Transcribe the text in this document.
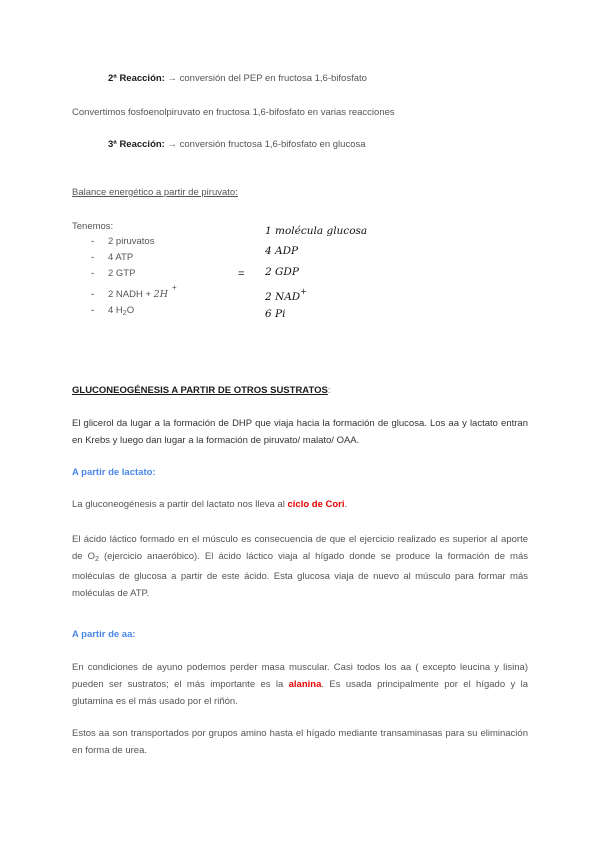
2ª Reacción: → conversión del PEP en fructosa 1,6-bifosfato
Convertimos fosfoenolpiruvato en fructosa 1,6-bifosfato en varias reacciones
3ª Reacción: → conversión fructosa 1,6-bifosfato en glucosa
Balance energético a partir de piruvato:
Tenemos:
- 2 piruvatos
- 4 ATP
- 2 GTP
- 2 NADH + 2H
+
- 4 $H_2O$
=
1 molécula glucosa
4 ADP
2 GDP
2 NAD+
6 Pi
GLUCONEOGÉNESIS A PARTIR DE OTROS SUSTRATOS:
El glicerol da lugar a la formación de DHP que viaja hacia la formación de glucosa. Los aa y lactato entran en Krebs y luego dan lugar a la formación de piruvato/ malato/ OAA.
A partir de lactato:
La gluconeogénesis a partir del lactato nos lleva al ciclo de Cori.
El ácido láctico formado en el músculo es consecuencia de que el ejercicio realizado es superior al aporte de $O_2$ (ejercicio anaeróbico). El ácido láctico viaja al hígado donde se produce la formación de más moléculas de glucosa a partir de este ácido. Esta glucosa viaja de nuevo al músculo para formar más moléculas de ATP.
A partir de aa:
En condiciones de ayuno podemos perder masa muscular. Casi todos los aa ( excepto leucina y lisina) pueden ser sustratos; el más importante es la alanina. Es usada principalmente por el hígado y la glutamina es el más usado por el riñón.
Estos aa son transportados por grupos amino hasta el hígado mediante transaminasas para su eliminación en forma de urea.
